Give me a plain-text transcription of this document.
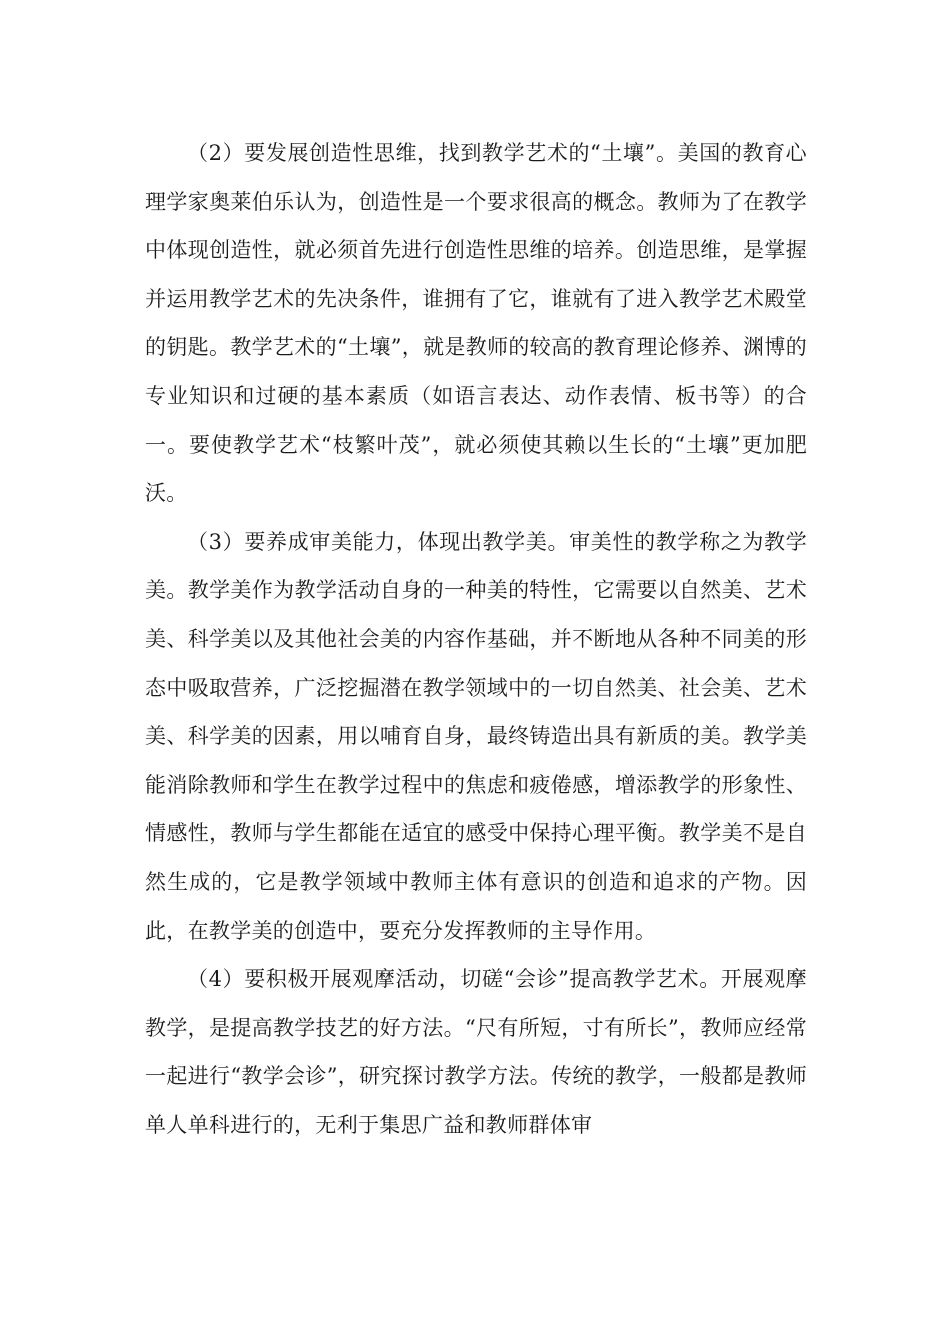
（2）要发展创造性思维，找到教学艺术的“土壤”。美国的教育心理学家奥莱伯乐认为，创造性是一个要求很高的概念。教师为了在教学中体现创造性，就必须首先进行创造性思维的培养。创造思维，是掌握并运用教学艺术的先决条件，谁拥有了它，谁就有了进入教学艺术殿堂的钥匙。教学艺术的“土壤”，就是教师的较高的教育理论修养、渊博的专业知识和过硬的基本素质（如语言表达、动作表情、板书等）的合一。要使教学艺术“枝繁叶茂”，就必须使其赖以生长的“土壤”更加肥沃。

（3）要养成审美能力，体现出教学美。审美性的教学称之为教学美。教学美作为教学活动自身的一种美的特性，它需要以自然美、艺术美、科学美以及其他社会美的内容作基础，并不断地从各种不同美的形态中吸取营养，广泛挖掘潜在教学领域中的一切自然美、社会美、艺术美、科学美的因素，用以哺育自身，最终铸造出具有新质的美。教学美能消除教师和学生在教学过程中的焦虑和疲倦感，增添教学的形象性、情感性，教师与学生都能在适宜的感受中保持心理平衡。教学美不是自然生成的，它是教学领域中教师主体有意识的创造和追求的产物。因此，在教学美的创造中，要充分发挥教师的主导作用。

（4）要积极开展观摩活动，切磋“会诊”提高教学艺术。开展观摩教学，是提高教学技艺的好方法。“尺有所短，寸有所长”，教师应经常一起进行“教学会诊”，研究探讨教学方法。传统的教学，一般都是教师单人单科进行的，无利于集思广益和教师群体审
